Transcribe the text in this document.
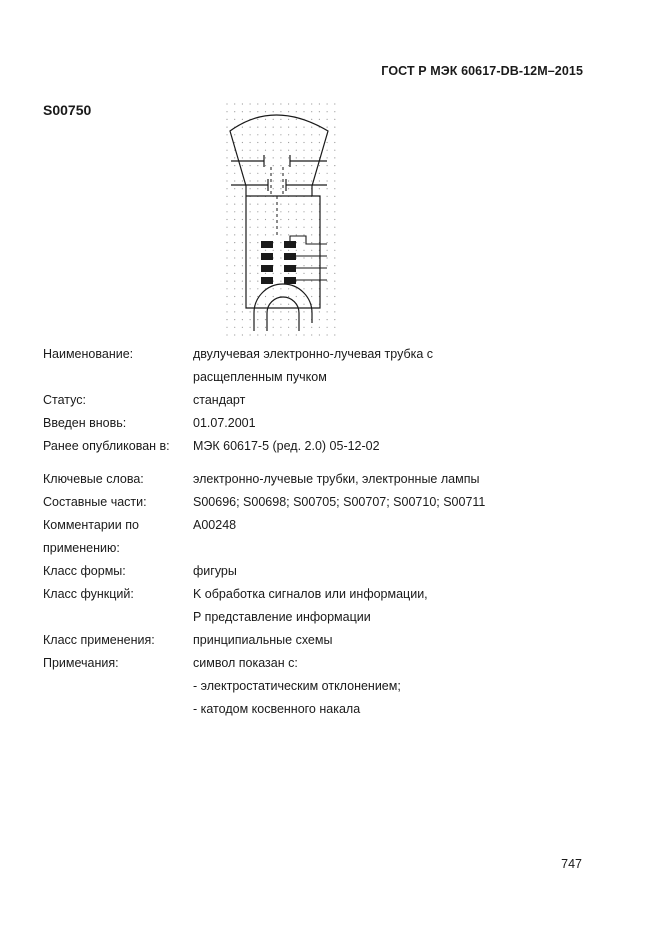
ГОСТ Р МЭК 60617-DB-12M–2015
S00750
Наименование:	двулучевая электронно-лучевая трубка с
расщепленным пучком
Статус:	стандарт
Введен вновь:	01.07.2001
Ранее опубликован в:	МЭК 60617-5 (ред. 2.0) 05-12-02
Ключевые слова:	электронно-лучевые трубки, электронные лампы
Составные части:	S00696; S00698; S00705; S00707; S00710; S00711
Комментарии по	A00248
применению:
Класс формы:	фигуры
Класс функций:	K обработка сигналов или информации,
P представление информации
Класс применения:	принципиальные схемы
Примечания:	символ показан с:
- электростатическим отклонением;
- катодом косвенного накала
747
